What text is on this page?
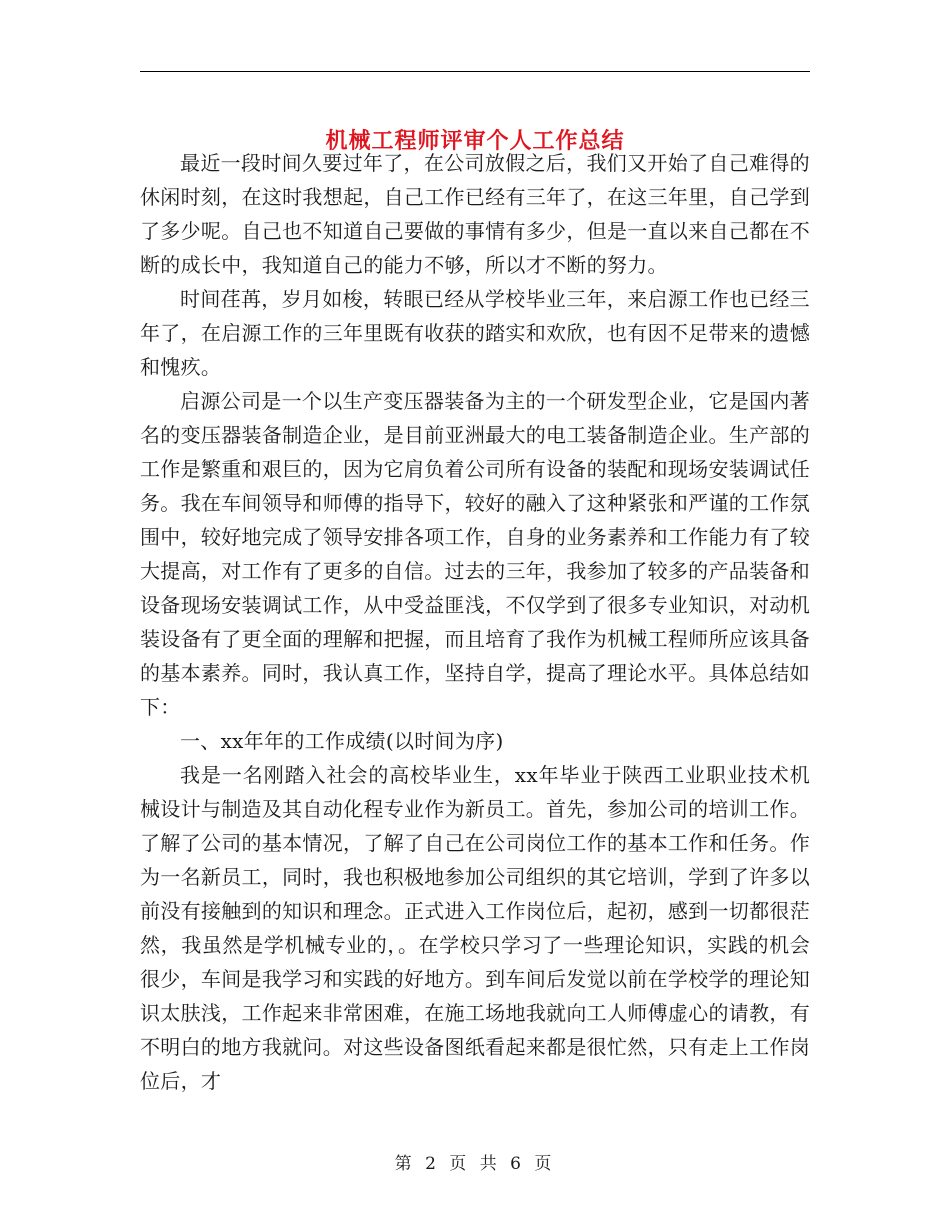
机械工程师评审个人工作总结

最近一段时间久要过年了，在公司放假之后，我们又开始了自己难得的休闲时刻，在这时我想起，自己工作已经有三年了，在这三年里，自己学到了多少呢。自己也不知道自己要做的事情有多少，但是一直以来自己都在不断的成长中，我知道自己的能力不够，所以才不断的努力。

时间荏苒，岁月如梭，转眼已经从学校毕业三年，来启源工作也已经三年了，在启源工作的三年里既有收获的踏实和欢欣，也有因不足带来的遗憾和愧疚。

启源公司是一个以生产变压器装备为主的一个研发型企业，它是国内著名的变压器装备制造企业，是目前亚洲最大的电工装备制造企业。生产部的工作是繁重和艰巨的，因为它肩负着公司所有设备的装配和现场安装调试任务。我在车间领导和师傅的指导下，较好的融入了这种紧张和严谨的工作氛围中，较好地完成了领导安排各项工作，自身的业务素养和工作能力有了较大提高，对工作有了更多的自信。过去的三年，我参加了较多的产品装备和设备现场安装调试工作，从中受益匪浅，不仅学到了很多专业知识，对动机装设备有了更全面的理解和把握，而且培育了我作为机械工程师所应该具备的基本素养。同时，我认真工作，坚持自学，提高了理论水平。具体总结如下：

一、xx年年的工作成绩(以时间为序)

我是一名刚踏入社会的高校毕业生，xx年毕业于陕西工业职业技术机械设计与制造及其自动化程专业作为新员工。首先，参加公司的培训工作。了解了公司的基本情况，了解了自己在公司岗位工作的基本工作和任务。作为一名新员工，同时，我也积极地参加公司组织的其它培训，学到了许多以前没有接触到的知识和理念。正式进入工作岗位后，起初，感到一切都很茫然，我虽然是学机械专业的，。在学校只学习了一些理论知识，实践的机会很少，车间是我学习和实践的好地方。到车间后发觉以前在学校学的理论知识太肤浅，工作起来非常困难，在施工场地我就向工人师傅虚心的请教，有不明白的地方我就问。对这些设备图纸看起来都是很忙然，只有走上工作岗位后，才

第 2 页 共 6 页
